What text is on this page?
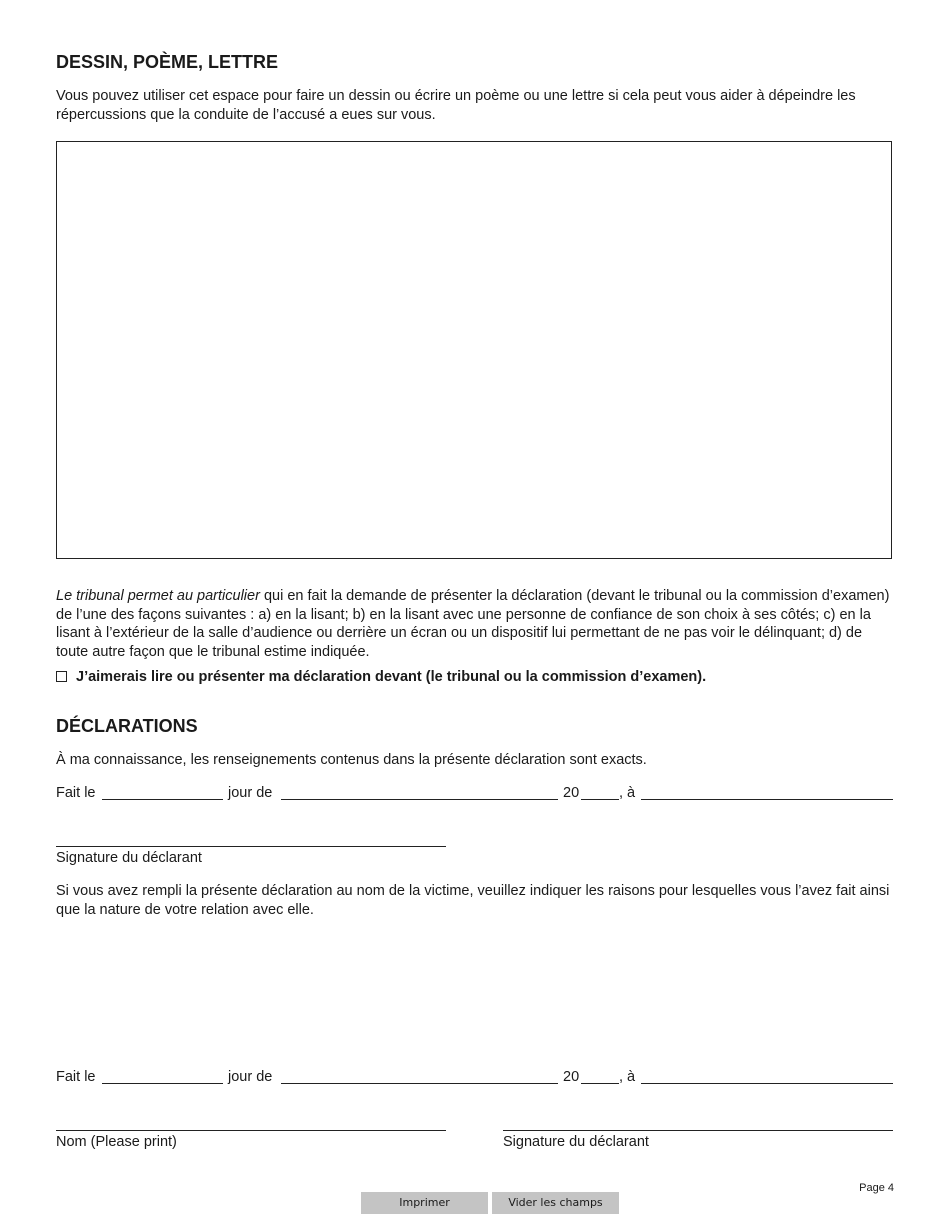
DESSIN, POÈME, LETTRE
Vous pouvez utiliser cet espace pour faire un dessin ou écrire un poème ou une lettre si cela peut vous aider à dépeindre les répercussions que la conduite de l’accusé a eues sur vous.
Le tribunal permet au particulier qui en fait la demande de présenter la déclaration (devant le tribunal ou la commission d’examen) de l’une des façons suivantes : a) en la lisant; b) en la lisant avec une personne de confiance de son choix à ses côtés; c) en la lisant à l’extérieur de la salle d’audience ou derrière un écran ou un dispositif lui permettant de ne pas voir le délinquant; d) de toute autre façon que le tribunal estime indiquée.
J’aimerais lire ou présenter ma déclaration devant (le tribunal ou la commission d’examen).
DÉCLARATIONS
À ma connaissance, les renseignements contenus dans la présente déclaration sont exacts.
Fait le	jour de	20	, à
Signature du déclarant
Si vous avez rempli la présente déclaration au nom de la victime, veuillez indiquer les raisons pour lesquelles vous l’avez fait ainsi que la nature de votre relation avec elle.
Fait le	jour de	20	, à
Nom (Please print)	Signature du déclarant
Page 4
Imprimer	Vider les champs
